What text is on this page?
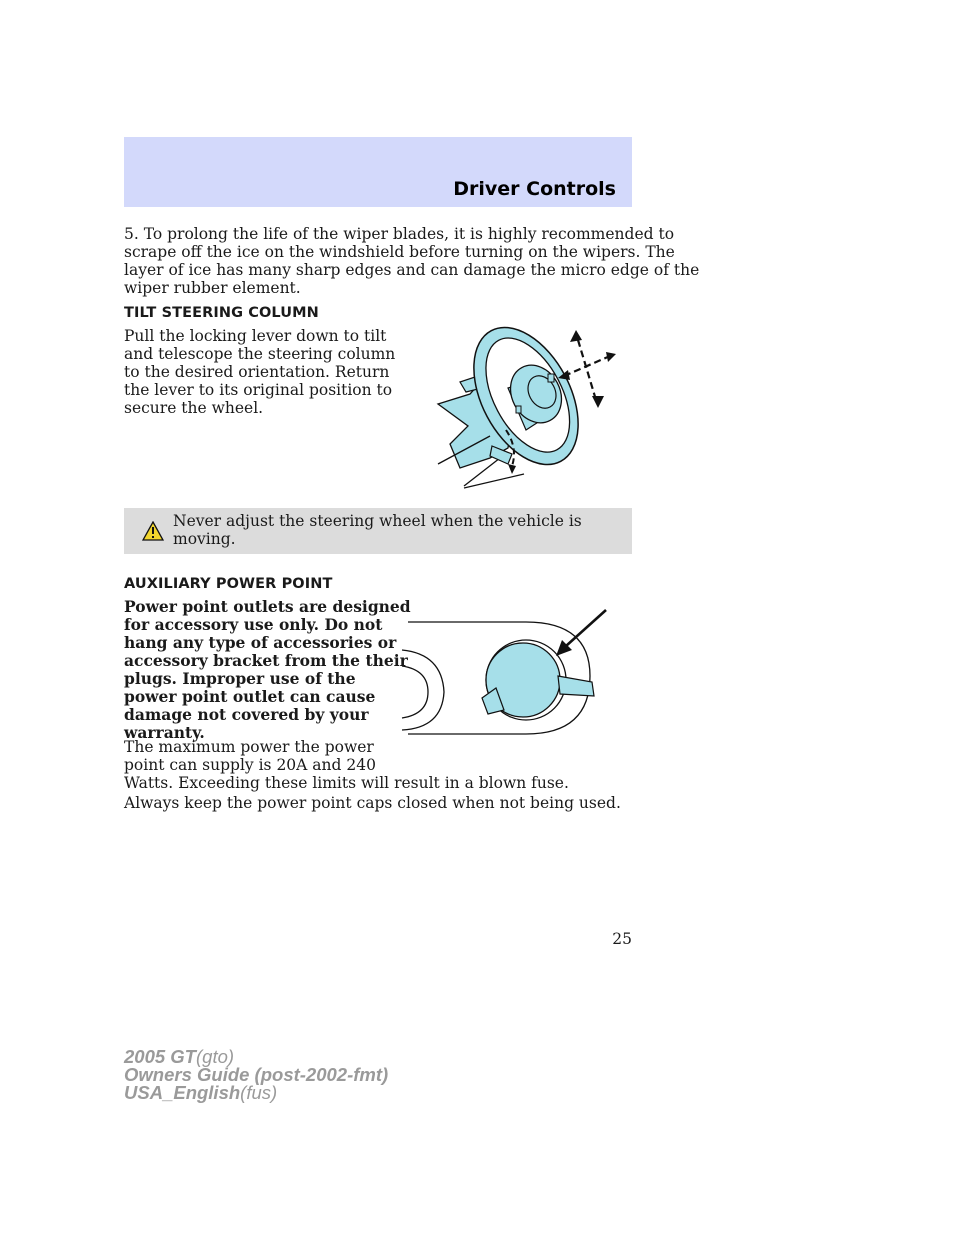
Driver Controls
5. To prolong the life of the wiper blades, it is highly recommended to
scrape off the ice on the windshield before turning on the wipers. The
layer of ice has many sharp edges and can damage the micro edge of the
wiper rubber element.
TILT STEERING COLUMN
Pull the locking lever down to tilt
and telescope the steering column
to the desired orientation. Return
the lever to its original position to
secure the wheel.
Never adjust the steering wheel when the vehicle is moving.
AUXILIARY POWER POINT
Power point outlets are designed
for accessory use only. Do not
hang any type of accessories or
accessory bracket from the their
plugs. Improper use of the
power point outlet can cause
damage not covered by your
warranty.
The maximum power the power
point can supply is 20A and 240
Watts. Exceeding these limits will result in a blown fuse.
Always keep the power point caps closed when not being used.
25
2005 GT(gto)
Owners Guide (post-2002-fmt)
USA_English(fus)
